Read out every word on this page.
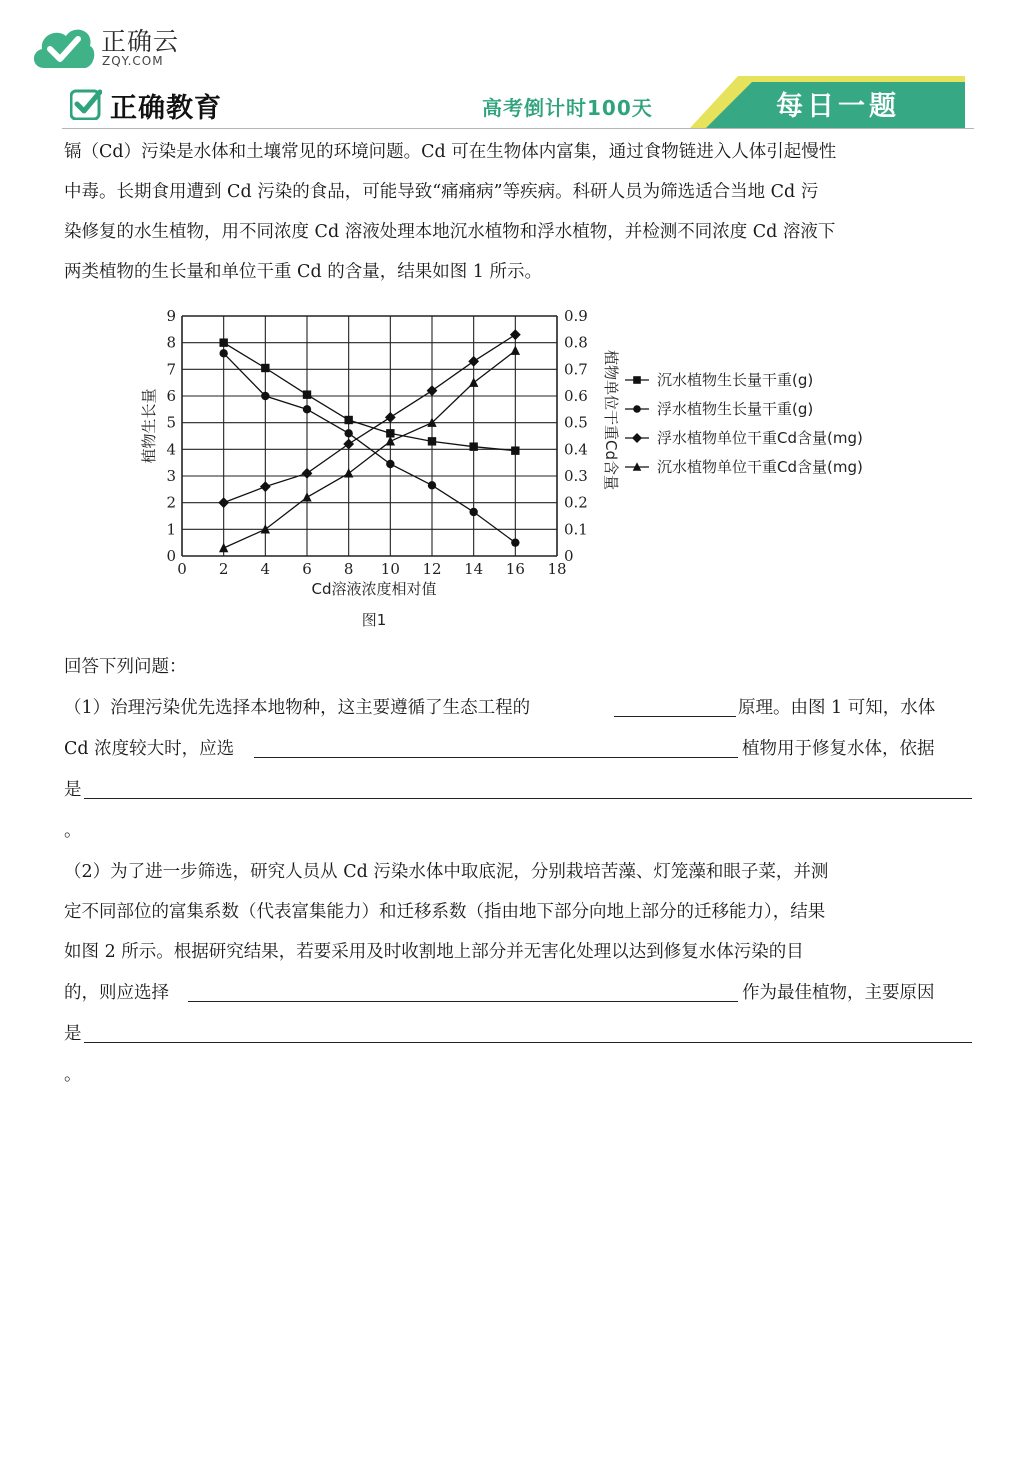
正确云
ZQY.COM
正确教育	高考倒计时100天	每日一题
镉（Cd）污染是水体和土壤常见的环境问题。Cd 可在生物体内富集，通过食物链进入人体引起慢性
中毒。长期食用遭到 Cd 污染的食品，可能导致“痛痛病”等疾病。科研人员为筛选适合当地 Cd 污
染修复的水生植物，用不同浓度 Cd 溶液处理本地沉水植物和浮水植物，并检测不同浓度 Cd 溶液下
两类植物的生长量和单位干重 Cd 的含量，结果如图 1 所示。
0 2 4 6 8 10 12 14 16 18
0
1
2
3
4
5
6
7
8
9
0
0.1
0.2
0.3
0.4
0.5
0.6
0.7
0.8
0.9
植物生长量	植物单位干重Cd含量
Cd溶液浓度相对值
图1
沉水植物生长量干重(g)
浮水植物生长量干重(g)
浮水植物单位干重Cd含量(mg)
沉水植物单位干重Cd含量(mg)
回答下列问题：
（1）治理污染优先选择本地物种，这主要遵循了生态工程的	原理。由图 1 可知，水体
Cd 浓度较大时，应选	植物用于修复水体，依据
是
。
（2）为了进一步筛选，研究人员从 Cd 污染水体中取底泥，分别栽培苦藻、灯笼藻和眼子菜，并测
定不同部位的富集系数（代表富集能力）和迁移系数（指由地下部分向地上部分的迁移能力），结果
如图 2 所示。根据研究结果，若要采用及时收割地上部分并无害化处理以达到修复水体污染的目
的，则应选择	作为最佳植物，主要原因
是
。
